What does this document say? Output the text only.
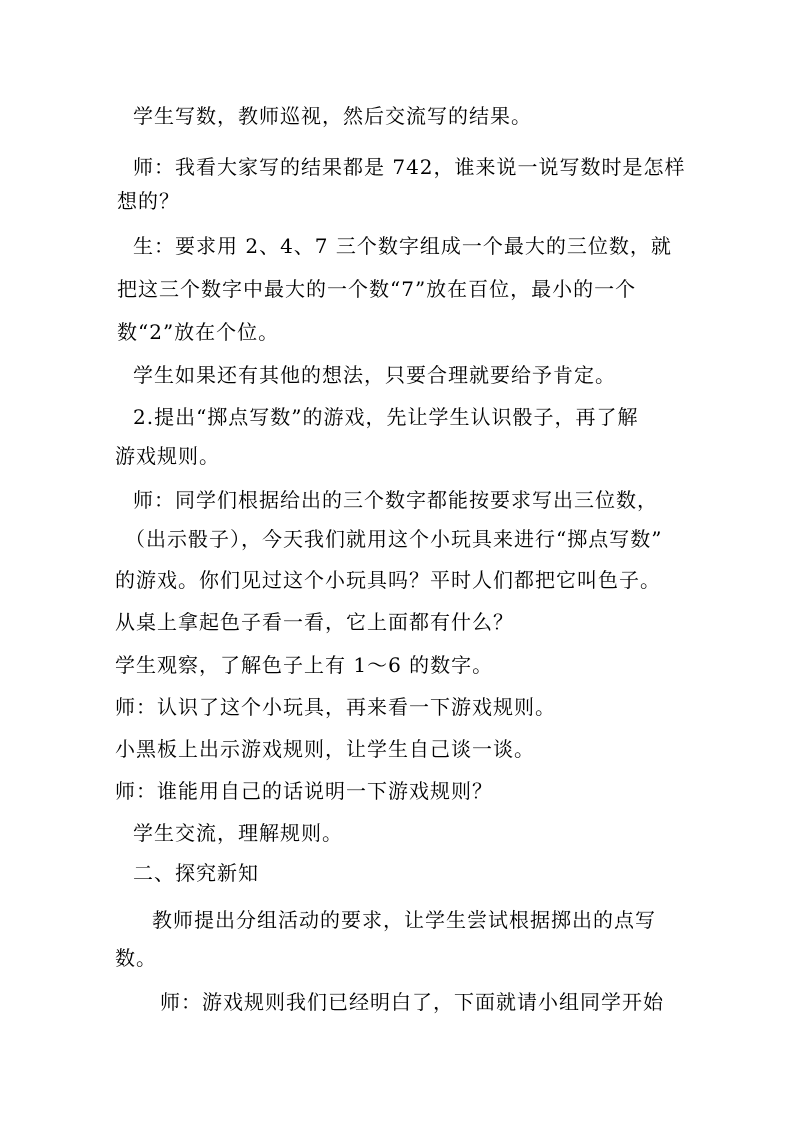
学生写数，教师巡视，然后交流写的结果。
师：我看大家写的结果都是 742，谁来说一说写数时是怎样
想的？
生：要求用 2、4、7 三个数字组成一个最大的三位数，就
把这三个数字中最大的一个数“7”放在百位，最小的一个
数“2”放在个位。
学生如果还有其他的想法，只要合理就要给予肯定。
2.提出“掷点写数”的游戏，先让学生认识骰子，再了解
游戏规则。
师：同学们根据给出的三个数字都能按要求写出三位数，
（出示骰子），今天我们就用这个小玩具来进行“掷点写数”
的游戏。你们见过这个小玩具吗？平时人们都把它叫色子。
从桌上拿起色子看一看，它上面都有什么？
学生观察，了解色子上有 1～6 的数字。
师：认识了这个小玩具，再来看一下游戏规则。
小黑板上出示游戏规则，让学生自己谈一谈。
师：谁能用自己的话说明一下游戏规则？
学生交流，理解规则。
二、探究新知
教师提出分组活动的要求，让学生尝试根据掷出的点写
数。
师：游戏规则我们已经明白了，下面就请小组同学开始
